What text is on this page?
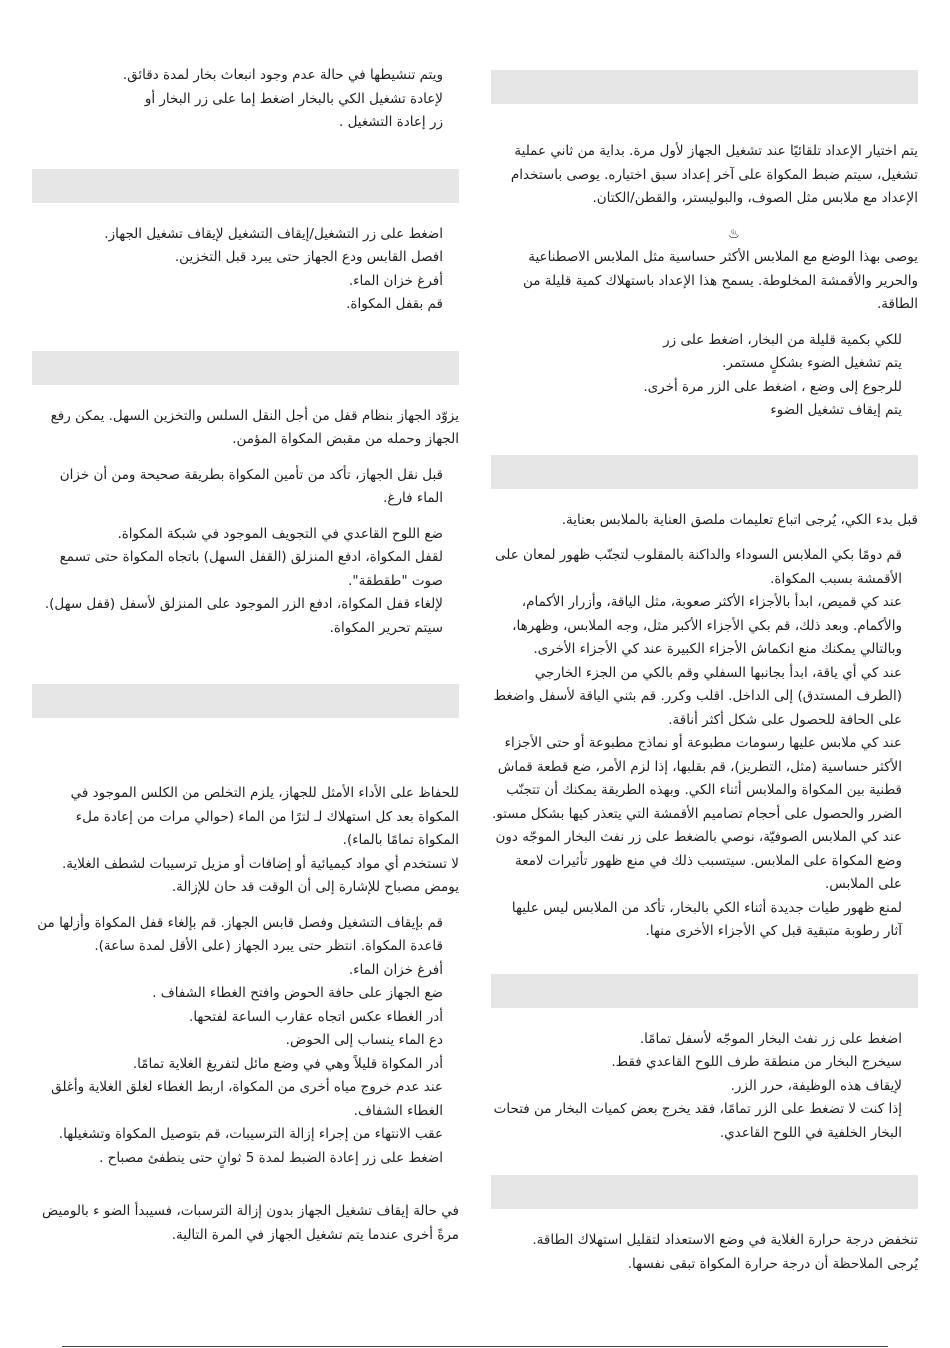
يتم اختيار الإعداد تلقائيًا عند تشغيل الجهاز لأول مرة. بداية من ثاني عملية تشغيل، سيتم ضبط المكواة على آخر إعداد سبق اختياره. يوصى باستخدام الإعداد مع ملابس مثل الصوف، والبوليستر، والقطن/الكتان.

♨

يوصى بهذا الوضع مع الملابس الأكثر حساسية مثل الملابس الاصطناعية والحرير والأقمشة المخلوطة. يسمح هذا الإعداد باستهلاك كمية قليلة من الطاقة.

للكي بكمية قليلة من البخار، اضغط على زر

يتم تشغيل الضوء بشكلٍ مستمر.

للرجوع إلى وضع ، اضغط على الزر مرة أخرى.

يتم إيقاف تشغيل الضوء

قبل بدء الكي، يُرجى اتباع تعليمات ملصق العناية بالملابس بعناية.

قم دومًا بكي الملابس السوداء والداكنة بالمقلوب لتجنّب ظهور لمعان على الأقمشة بسبب المكواة.

عند كي قميص، ابدأ بالأجزاء الأكثر صعوبة، مثل الياقة، وأزرار الأكمام، والأكمام. وبعد ذلك، قم بكي الأجزاء الأكبر مثل، وجه الملابس، وظهرها، وبالتالي يمكنك منع انكماش الأجزاء الكبيرة عند كي الأجزاء الأخرى.

عند كي أي ياقة، ابدأ بجانبها السفلي وقم بالكي من الجزء الخارجي (الطرف المستدق) إلى الداخل. اقلب وكرر. قم بثني الياقة لأسفل واضغط على الحافة للحصول على شكل أكثر أناقة.

عند كي ملابس عليها رسومات مطبوعة أو نماذج مطبوعة أو حتى الأجزاء الأكثر حساسية (مثل، التطريز)، قم بقلبها، إذا لزم الأمر، ضع قطعة قماش قطنية بين المكواة والملابس أثناء الكي. وبهذه الطريقة يمكنك أن تتجنّب الضرر والحصول على أحجام تصاميم الأقمشة التي يتعذر كيها بشكل مستو.

عند كي الملابس الصوفيّة، نوصي بالضغط على زر نفث البخار الموجّه دون وضع المكواة على الملابس. سيتسبب ذلك في منع ظهور تأثيرات لامعة على الملابس.

لمنع ظهور طيات جديدة أثناء الكي بالبخار، تأكد من الملابس ليس عليها آثار رطوبة متبقية قبل كي الأجزاء الأخرى منها.

اضغط على زر نفث البخار الموجّه لأسفل تمامًا.

سيخرج البخار من منطقة طرف اللوح القاعدي فقط.

لإيقاف هذه الوظيفة، حرر الزر.

إذا كنت لا تضغط على الزر تمامًا، فقد يخرج بعض كميات البخار من فتحات البخار الخلفية في اللوح القاعدي.

تنخفض درجة حرارة الغلاية في وضع الاستعداد لتقليل استهلاك الطاقة.

يُرجى الملاحظة أن درجة حرارة المكواة تبقى نفسها.

ويتم تنشيطها في حالة عدم وجود انبعاث بخار لمدة دقائق.

لإعادة تشغيل الكي بالبخار اضغط إما على زر البخار أو

زر إعادة التشغيل .

اضغط على زر التشغيل/إيقاف التشغيل لإيقاف تشغيل الجهاز.

افصل القابس ودع الجهاز حتى يبرد قبل التخزين.

أفرغ خزان الماء.

قم بقفل المكواة.

يزوّد الجهاز بنظام قفل من أجل النقل السلس والتخزين السهل. يمكن رفع الجهاز وحمله من مقبض المكواة المؤمن.

قبل نقل الجهاز، تأكد من تأمين المكواة بطريقة صحيحة ومن أن خزان الماء فارغ.

ضع اللوح القاعدي في التجويف الموجود في شبكة المكواة.

لقفل المكواة، ادفع المنزلق (القفل السهل) باتجاه المكواة حتى تسمع صوت "طقطقة".

لإلغاء قفل المكواة، ادفع الزر الموجود على المنزلق لأسفل (قفل سهل). سيتم تحرير المكواة.

للحفاظ على الأداء الأمثل للجهاز، يلزم التخلص من الكلس الموجود في المكواة بعد كل استهلاك لـ لترًا من الماء (حوالي مرات من إعادة ملء المكواة تمامًا بالماء).

لا تستخدم أي مواد كيميائية أو إضافات أو مزيل ترسيبات لشطف الغلاية.

يومض مصباح للإشارة إلى أن الوقت قد حان للإزالة.

قم بإيقاف التشغيل وفصل قابس الجهاز. قم بإلغاء قفل المكواة وأزلها من قاعدة المكواة. انتظر حتى يبرد الجهاز (على الأقل لمدة ساعة).

أفرغ خزان الماء.

ضع الجهاز على حافة الحوض وافتح الغطاء الشفاف .

أدر الغطاء عكس اتجاه عقارب الساعة لفتحها.

دع الماء ينساب إلى الحوض.

أدر المكواة قليلاً وهي في وضع مائل لتفريغ الغلاية تمامًا.

عند عدم خروج مياه أخرى من المكواة، اربط الغطاء لغلق الغلاية وأغلق الغطاء الشفاف.

عقب الانتهاء من إجراء إزالة الترسيبات، قم بتوصيل المكواة وتشغيلها.

اضغط على زر إعادة الضبط لمدة 5 ثوانٍ حتى ينطفئ مصباح .

في حالة إيقاف تشغيل الجهاز بدون إزالة الترسبات، فسيبدأ الضو ء بالوميض مرةً أخرى عندما يتم تشغيل الجهاز في المرة التالية.
